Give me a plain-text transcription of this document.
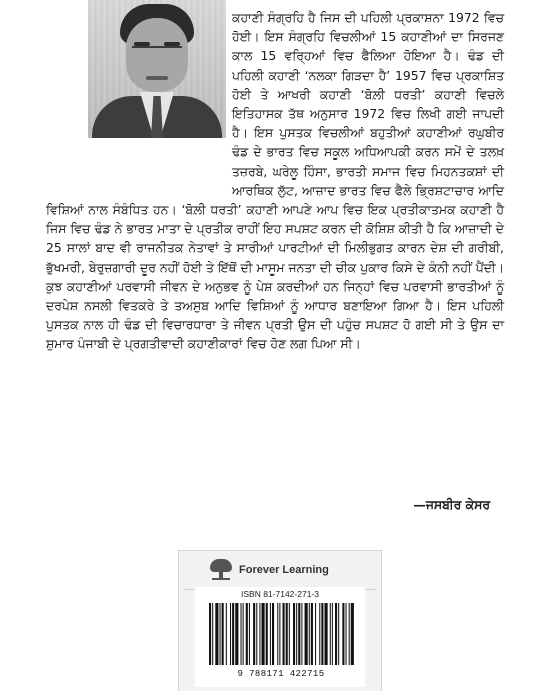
ਕਹਾਣੀ ਸੰਗ੍ਰਹਿ ਹੈ ਜਿਸ ਦੀ ਪਹਿਲੀ ਪ੍ਰਕਾਸ਼ਨਾ 1972 ਵਿਚ ਹੋਈ। ਇਸ ਸੰਗ੍ਰਹਿ ਵਿਚਲੀਆਂ 15 ਕਹਾਣੀਆਂ ਦਾ ਸਿਰਜਣ ਕਾਲ 15 ਵਰ੍ਹਿਆਂ ਵਿਚ ਫੈਲਿਆ ਹੋਇਆ ਹੈ। ਢੰਡ ਦੀ ਪਹਿਲੀ ਕਹਾਣੀ ‘ਨਲਕਾ ਗਿੜਦਾ ਹੈ’ 1957 ਵਿਚ ਪ੍ਰਕਾਸ਼ਿਤ ਹੋਈ ਤੇ ਆਖਰੀ ਕਹਾਣੀ ‘ਬੋਲ਼ੀ ਧਰਤੀ’ ਕਹਾਣੀ ਵਿਚਲੇ ਇਤਿਹਾਸਕ ਤੱਥ ਅਨੁਸਾਰ 1972 ਵਿਚ ਲਿਖੀ ਗਈ ਜਾਪਦੀ ਹੈ। ਇਸ ਪੁਸਤਕ ਵਿਚਲੀਆਂ ਬਹੁਤੀਆਂ ਕਹਾਣੀਆਂ ਰਘੁਬੀਰ ਢੰਡ ਦੇ ਭਾਰਤ ਵਿਚ ਸਕੂਲ ਅਧਿਆਪਕੀ ਕਰਨ ਸਮੇਂ ਦੇ ਤਲਖ਼ ਤਜ਼ਰਬੇ, ਘਰੇਲੂ ਹਿੰਸਾ, ਭਾਰਤੀ ਸਮਾਜ ਵਿਚ ਮਿਹਨਤਕਸ਼ਾਂ ਦੀ ਆਰਥਿਕ ਲੁੱਟ, ਆਜ਼ਾਦ ਭਾਰਤ ਵਿਚ ਫੈਲੇ ਭ੍ਰਿਸ਼ਟਾਚਾਰ ਆਦਿ ਵਿਸ਼ਿਆਂ ਨਾਲ ਸੰਬੰਧਿਤ ਹਨ। ‘ਬੋਲ਼ੀ ਧਰਤੀ’ ਕਹਾਣੀ ਆਪਣੇ ਆਪ ਵਿਚ ਇਕ ਪ੍ਰਤੀਕਾਤਮਕ ਕਹਾਣੀ ਹੈ ਜਿਸ ਵਿਚ ਢੰਡ ਨੇ ਭਾਰਤ ਮਾਤਾ ਦੇ ਪ੍ਰਤੀਕ ਰਾਹੀਂ ਇਹ ਸਪਸ਼ਟ ਕਰਨ ਦੀ ਕੋਸ਼ਿਸ਼ ਕੀਤੀ ਹੈ ਕਿ ਆਜ਼ਾਦੀ ਦੇ 25 ਸਾਲਾਂ ਬਾਦ ਵੀ ਰਾਜਨੀਤਕ ਨੇਤਾਵਾਂ ਤੇ ਸਾਰੀਆਂ ਪਾਰਟੀਆਂ ਦੀ ਮਿਲੀਭੁਗਤ ਕਾਰਨ ਦੇਸ਼ ਦੀ ਗਰੀਬੀ, ਭੁੱਖਮਰੀ, ਬੇਰੁਜ਼ਗਾਰੀ ਦੂਰ ਨਹੀਂ ਹੋਈ ਤੇ ਇੱਥੋਂ ਦੀ ਮਾਸੂਮ ਜਨਤਾ ਦੀ ਚੀਕ ਪੁਕਾਰ ਕਿਸੇ ਦੇ ਕੰਨੀ ਨਹੀਂ ਪੈਂਦੀ। ਕੁਝ ਕਹਾਣੀਆਂ ਪਰਵਾਸੀ ਜੀਵਨ ਦੇ ਅਨੁਭਵ ਨੂੰ ਪੇਸ਼ ਕਰਦੀਆਂ ਹਨ ਜਿਨ੍ਹਾਂ ਵਿਚ ਪਰਵਾਸੀ ਭਾਰਤੀਆਂ ਨੂੰ ਦਰਪੇਸ਼ ਨਸਲੀ ਵਿਤਕਰੇ ਤੇ ਤਅਸੁਬ ਆਦਿ ਵਿਸ਼ਿਆਂ ਨੂੰ ਆਧਾਰ ਬਣਾਇਆ ਗਿਆ ਹੈ। ਇਸ ਪਹਿਲੀ ਪੁਸਤਕ ਨਾਲ ਹੀ ਢੰਡ ਦੀ ਵਿਚਾਰਧਾਰਾ ਤੇ ਜੀਵਨ ਪ੍ਰਤੀ ਉਸ ਦੀ ਪਹੁੰਚ ਸਪਸ਼ਟ ਹੋ ਗਈ ਸੀ ਤੇ ਉਸ ਦਾ ਸ਼ੁਮਾਰ ਪੰਜਾਬੀ ਦੇ ਪ੍ਰਗਤੀਵਾਦੀ ਕਹਾਣੀਕਾਰਾਂ ਵਿਚ ਹੋਣ ਲਗ ਪਿਆ ਸੀ।

—ਜਸਬੀਰ ਕੇਸਰ
Forever Learning
ISBN 81-7142-271-3
9 788171 422715
